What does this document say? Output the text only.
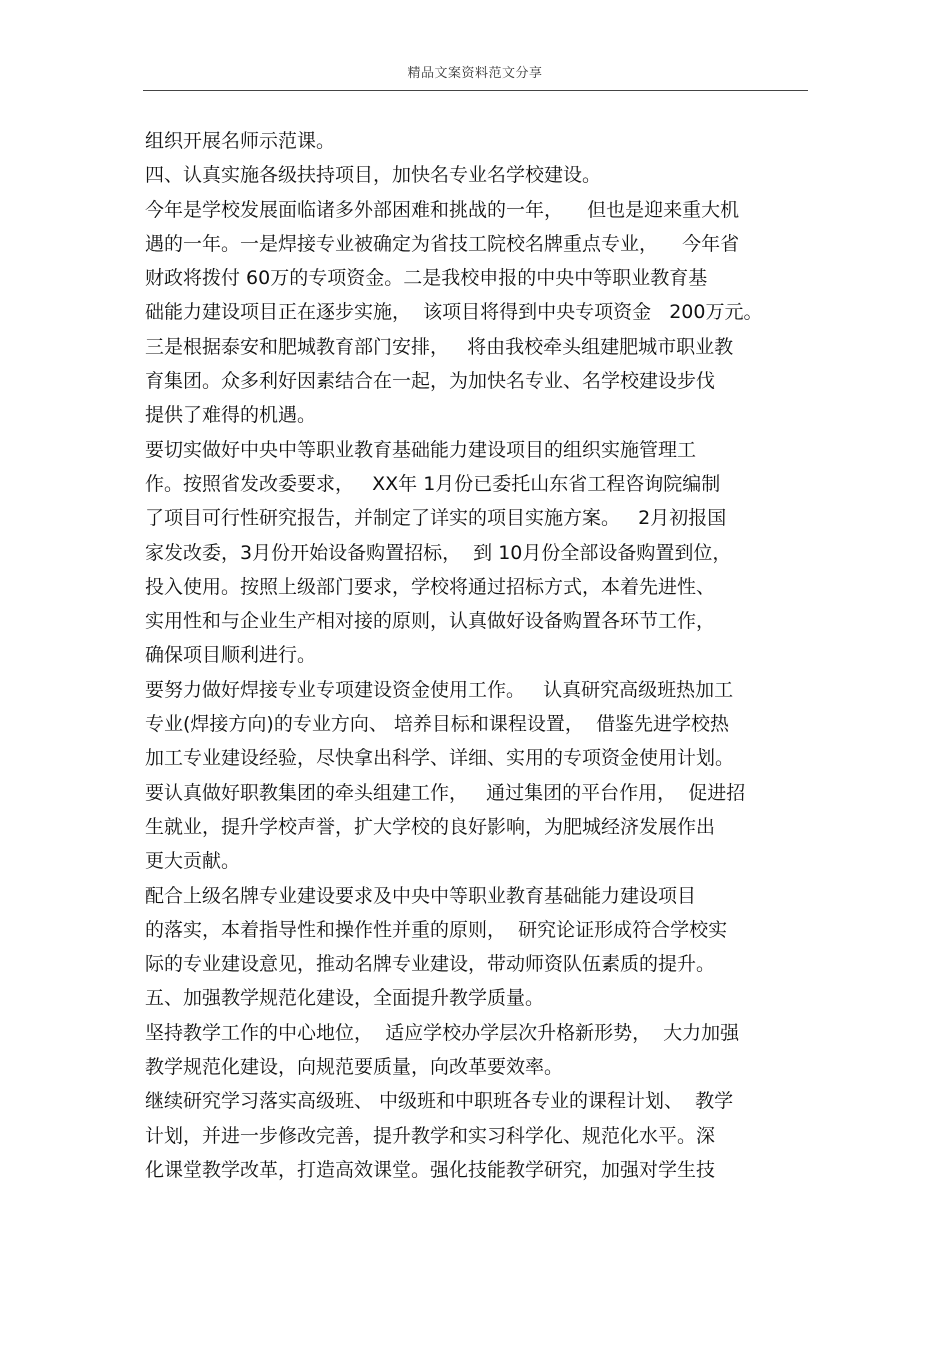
精品文案资料范文分享
组织开展名师示范课。
四、认真实施各级扶持项目，加快名专业名学校建设。
今年是学校发展面临诸多外部困难和挑战的一年，    但也是迎来重大机
遇的一年。一是焊接专业被确定为省技工院校名牌重点专业，    今年省
财政将拨付 60万的专项资金。二是我校申报的中央中等职业教育基
础能力建设项目正在逐步实施，  该项目将得到中央专项资金   200万元。
三是根据泰安和肥城教育部门安排，   将由我校牵头组建肥城市职业教
育集团。众多利好因素结合在一起，为加快名专业、名学校建设步伐
提供了难得的机遇。
要切实做好中央中等职业教育基础能力建设项目的组织实施管理工
作。按照省发改委要求，   XX年 1月份已委托山东省工程咨询院编制
了项目可行性研究报告，并制定了详实的项目实施方案。   2月初报国
家发改委，3月份开始设备购置招标，  到 10月份全部设备购置到位，
投入使用。按照上级部门要求，学校将通过招标方式，本着先进性、
实用性和与企业生产相对接的原则，认真做好设备购置各环节工作，
确保项目顺利进行。
要努力做好焊接专业专项建设资金使用工作。   认真研究高级班热加工
专业(焊接方向)的专业方向、 培养目标和课程设置，  借鉴先进学校热
加工专业建设经验，尽快拿出科学、详细、实用的专项资金使用计划。
要认真做好职教集团的牵头组建工作，   通过集团的平台作用，  促进招
生就业，提升学校声誉，扩大学校的良好影响，为肥城经济发展作出
更大贡献。
配合上级名牌专业建设要求及中央中等职业教育基础能力建设项目
的落实，本着指导性和操作性并重的原则，  研究论证形成符合学校实
际的专业建设意见，推动名牌专业建设，带动师资队伍素质的提升。
五、加强教学规范化建设，全面提升教学质量。
坚持教学工作的中心地位，  适应学校办学层次升格新形势，  大力加强
教学规范化建设，向规范要质量，向改革要效率。
继续研究学习落实高级班、 中级班和中职班各专业的课程计划、  教学
计划，并进一步修改完善，提升教学和实习科学化、规范化水平。深
化课堂教学改革，打造高效课堂。强化技能教学研究，加强对学生技
